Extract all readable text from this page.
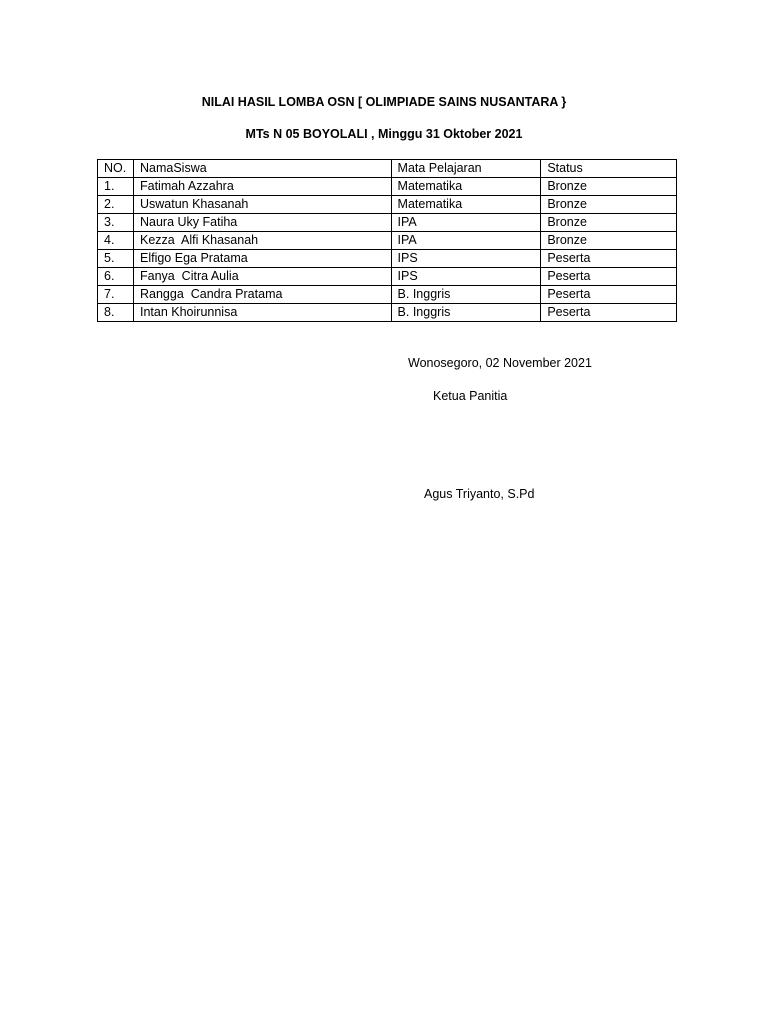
NILAI HASIL LOMBA OSN [ OLIMPIADE SAINS NUSANTARA }
MTs N 05 BOYOLALI , Minggu 31 Oktober 2021
NO.	NamaSiswa	Mata Pelajaran	Status
1.	Fatimah Azzahra	Matematika	Bronze
2.	Uswatun Khasanah	Matematika	Bronze
3.	Naura Uky Fatiha	IPA	Bronze
4.	Kezza  Alfi Khasanah	IPA	Bronze
5.	Elfigo Ega Pratama	IPS	Peserta
6.	Fanya  Citra Aulia	IPS	Peserta
7.	Rangga  Candra Pratama	B. Inggris	Peserta
8.	Intan Khoirunnisa	B. Inggris	Peserta
Wonosegoro, 02 November 2021
Ketua Panitia
Agus Triyanto, S.Pd
